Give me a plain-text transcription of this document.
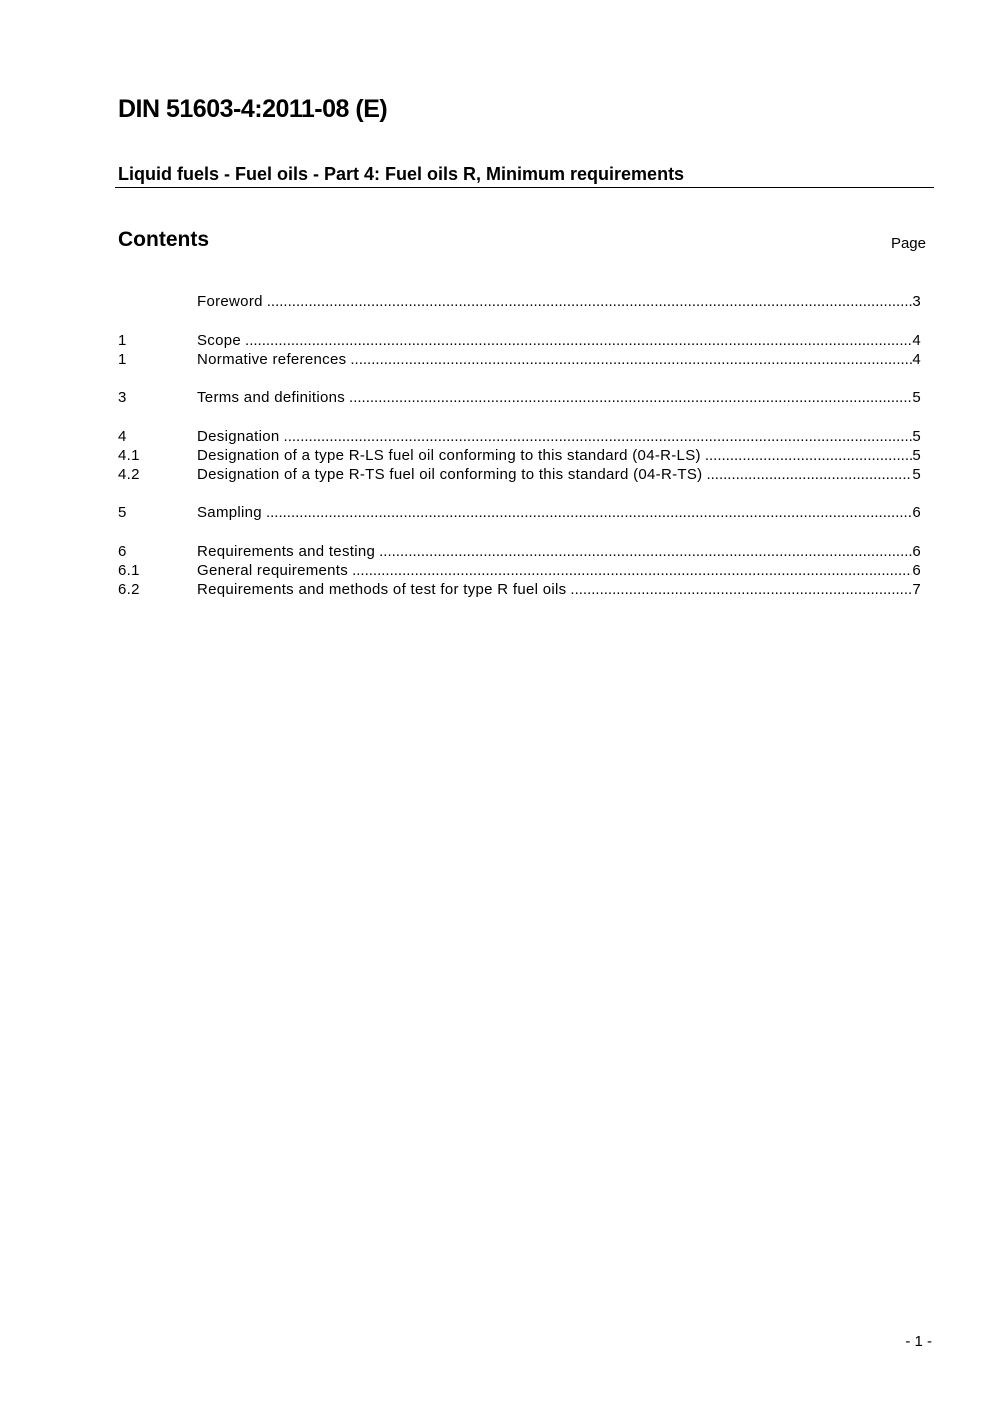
DIN 51603-4:2011-08 (E)
Liquid fuels - Fuel oils - Part 4: Fuel oils R, Minimum requirements
Contents	Page
Foreword .....	3
1	Scope .....	4
1	Normative references .....	4
3	Terms and definitions .....	5
4	Designation .....	5
4.1	Designation of a type R-LS fuel oil conforming to this standard (04-R-LS) .....	5
4.2	Designation of a type R-TS fuel oil conforming to this standard (04-R-TS) .....	5
5	Sampling .....	6
6	Requirements and testing .....	6
6.1	General requirements .....	6
6.2	Requirements and methods of test for type R fuel oils .....	7
- 1 -
